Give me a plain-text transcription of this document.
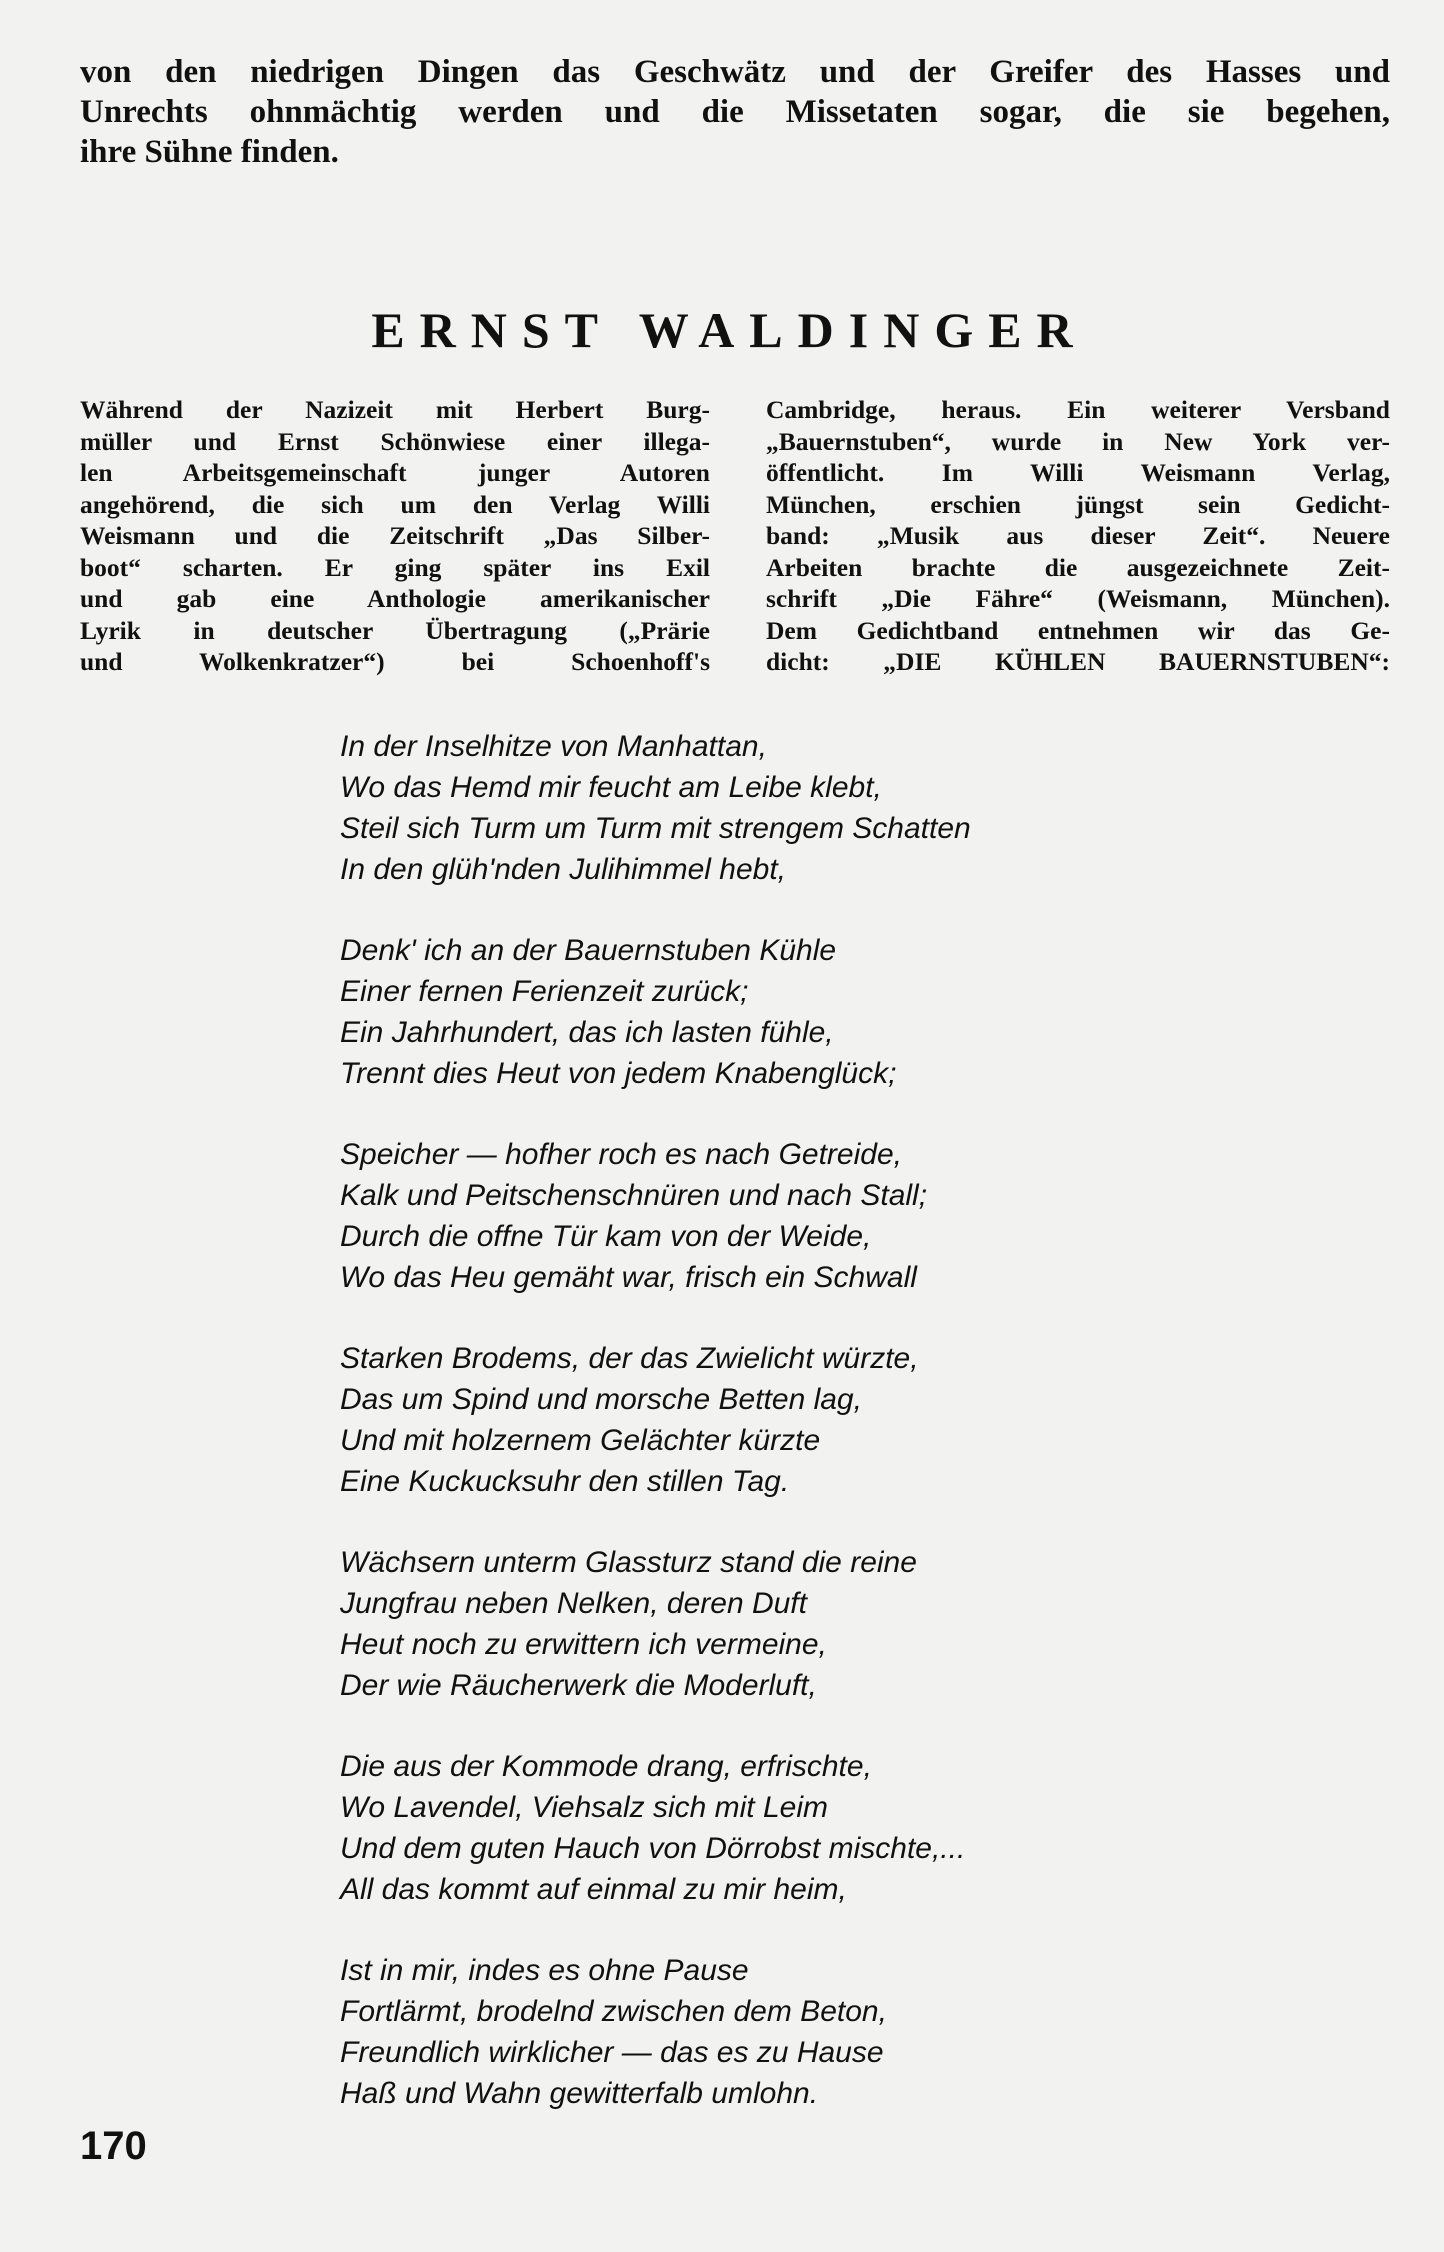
von den niedrigen Dingen das Geschwätz und der Greifer des Hasses und
Unrechts ohnmächtig werden und die Missetaten sogar, die sie begehen,
ihre Sühne finden.
ERNST WALDINGER
Während der Nazizeit mit Herbert Burg-
müller und Ernst Schönwiese einer illega-
len Arbeitsgemeinschaft junger Autoren
angehörend, die sich um den Verlag Willi
Weismann und die Zeitschrift „Das Silber-
boot“ scharten. Er ging später ins Exil
und gab eine Anthologie amerikanischer
Lyrik in deutscher Übertragung („Prärie
und Wolkenkratzer“) bei Schoenhoff's
Cambridge, heraus. Ein weiterer Versband
„Bauernstuben“, wurde in New York ver-
öffentlicht. Im Willi Weismann Verlag,
München, erschien jüngst sein Gedicht-
band: „Musik aus dieser Zeit“. Neuere
Arbeiten brachte die ausgezeichnete Zeit-
schrift „Die Fähre“ (Weismann, München).
Dem Gedichtband entnehmen wir das Ge-
dicht: „DIE KÜHLEN BAUERNSTUBEN“:
In der Inselhitze von Manhattan,
Wo das Hemd mir feucht am Leibe klebt,
Steil sich Turm um Turm mit strengem Schatten
In den glüh'nden Julihimmel hebt,
Denk' ich an der Bauernstuben Kühle
Einer fernen Ferienzeit zurück;
Ein Jahrhundert, das ich lasten fühle,
Trennt dies Heut von jedem Knabenglück;
Speicher — hofher roch es nach Getreide,
Kalk und Peitschenschnüren und nach Stall;
Durch die offne Tür kam von der Weide,
Wo das Heu gemäht war, frisch ein Schwall
Starken Brodems, der das Zwielicht würzte,
Das um Spind und morsche Betten lag,
Und mit holzernem Gelächter kürzte
Eine Kuckucksuhr den stillen Tag.
Wächsern unterm Glassturz stand die reine
Jungfrau neben Nelken, deren Duft
Heut noch zu erwittern ich vermeine,
Der wie Räucherwerk die Moderluft,
Die aus der Kommode drang, erfrischte,
Wo Lavendel, Viehsalz sich mit Leim
Und dem guten Hauch von Dörrobst mischte,...
All das kommt auf einmal zu mir heim,
Ist in mir, indes es ohne Pause
Fortlärmt, brodelnd zwischen dem Beton,
Freundlich wirklicher — das es zu Hause
Haß und Wahn gewitterfalb umlohn.
170
